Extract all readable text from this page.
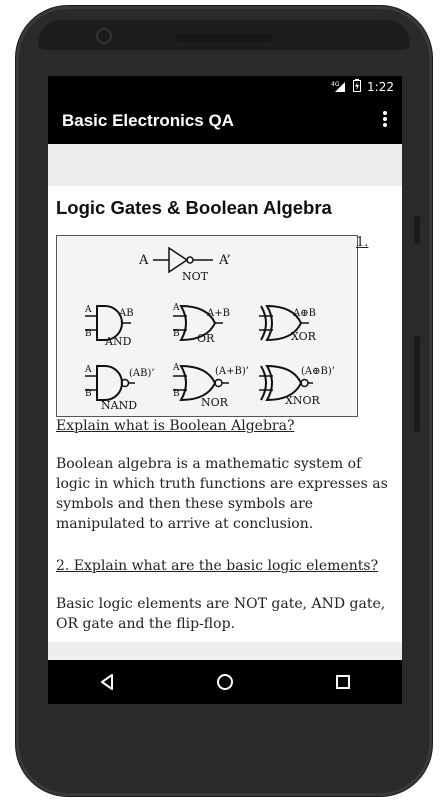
4G 1:22
Basic Electronics QA
Logic Gates & Boolean Algebra
A	A’
NOT
A
B
AB
AND
A
B
A+B
OR
A⊕B
XOR
A
B
(AB)’
NAND
A
B
(A+B)’
NOR
(A⊕B)’
XNOR
1.
Explain what is Boolean Algebra?

Boolean algebra is a mathematic system of logic in which truth functions are expresses as symbols and then these symbols are manipulated to arrive at conclusion.

2. Explain what are the basic logic elements?

Basic logic elements are NOT gate, AND gate, OR gate and the flip-flop.
